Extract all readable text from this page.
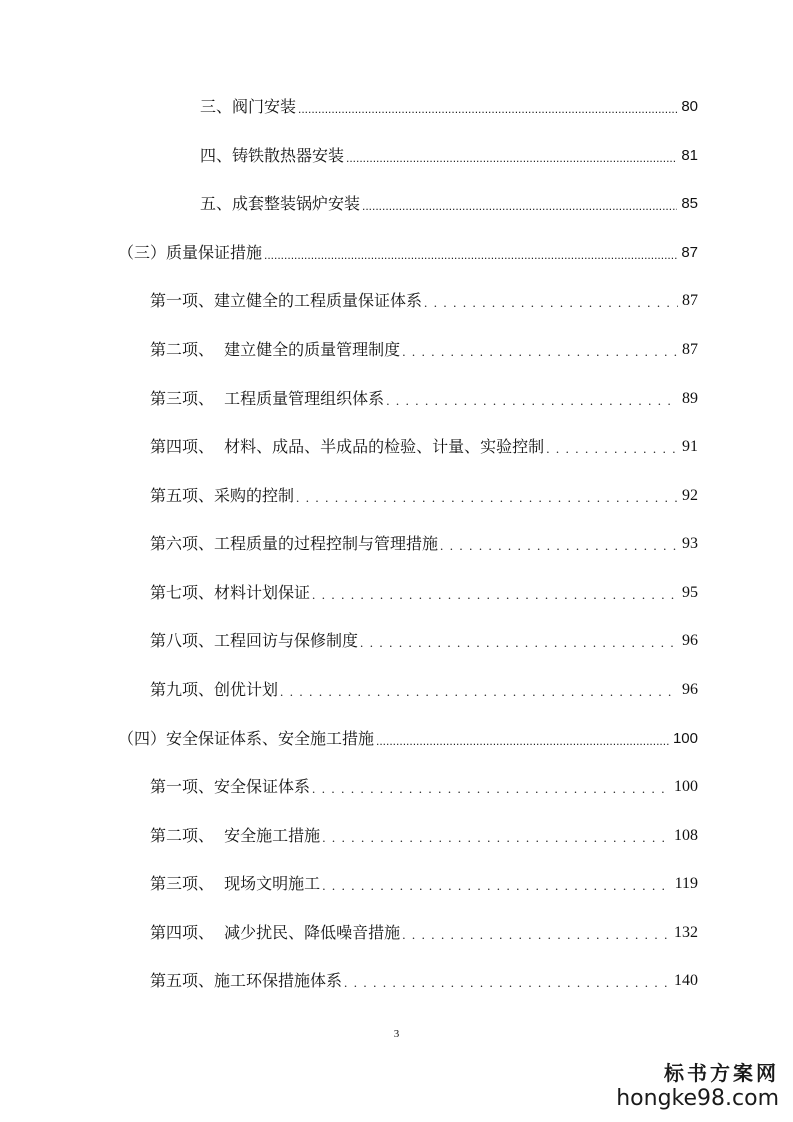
三、阀门安装 .....	80
四、铸铁散热器安装 .....	81
五、成套整装锅炉安装 .....	85
（三）质量保证措施 .....	87
第一项、建立健全的工程质量保证体系 . . .	87
第二项、  建立健全的质量管理制度 . . .	87
第三项、  工程质量管理组织体系 . . .	89
第四项、  材料、成品、半成品的检验、计量、实验控制 . . .	91
第五项、采购的控制 . . .	92
第六项、工程质量的过程控制与管理措施 . . .	93
第七项、材料计划保证 . . .	95
第八项、工程回访与保修制度 . . .	96
第九项、创优计划 . . .	96
（四）安全保证体系、安全施工措施 .....	100
第一项、安全保证体系 . . .	100
第二项、  安全施工措施 . . .	108
第三项、  现场文明施工 . . .	119
第四项、  减少扰民、降低噪音措施 . . .	132
第五项、施工环保措施体系 . . .	140
3
标书方案网
hongke98.com
